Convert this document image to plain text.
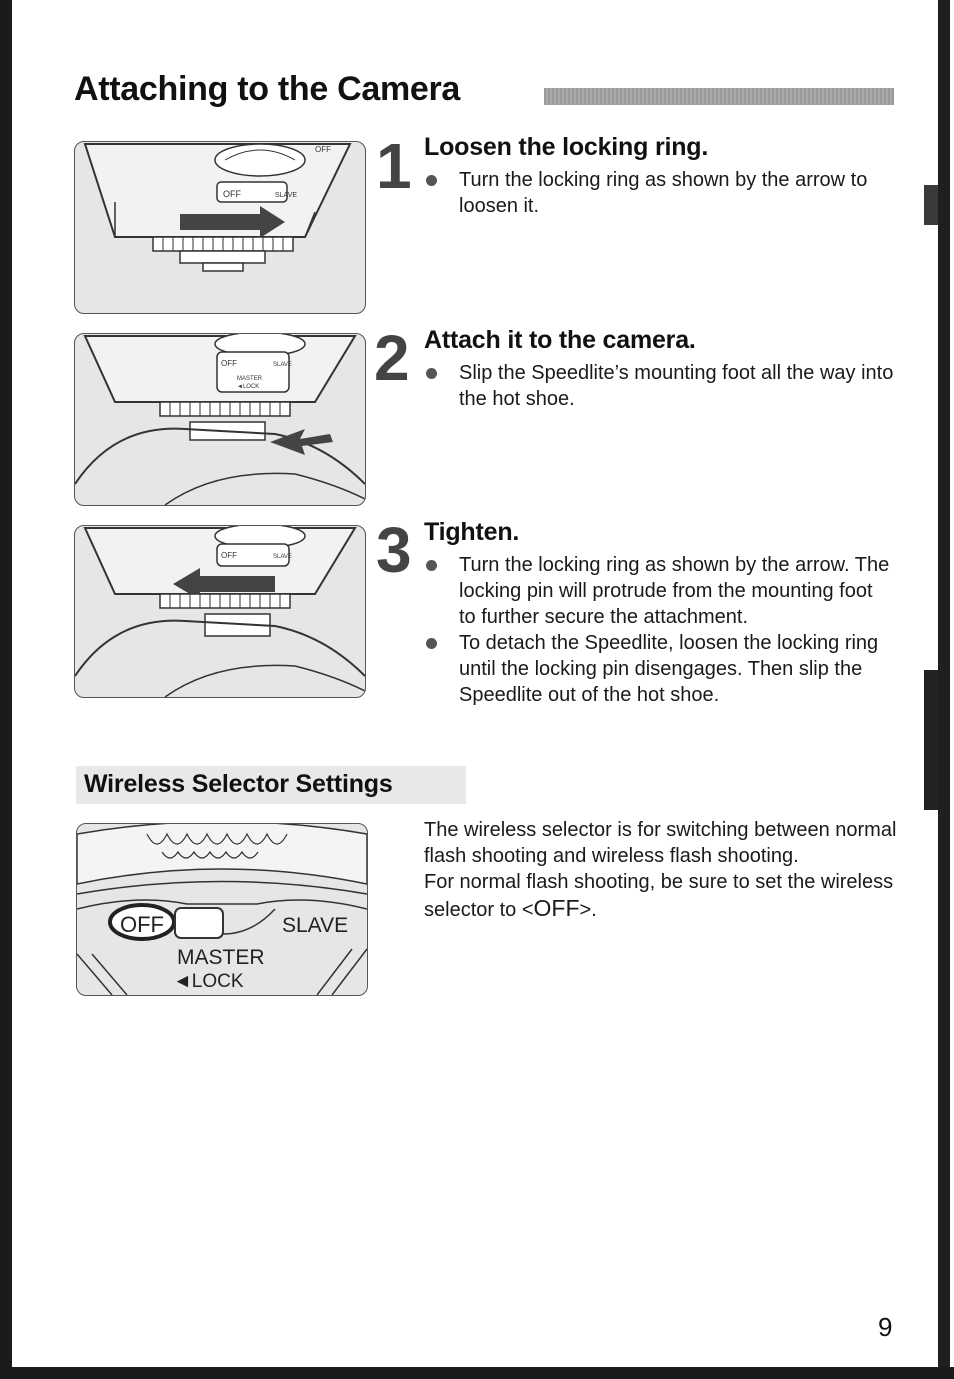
Attaching to the Camera
OFF	SLAVE
OFF 1 Loosen the locking ring.
Turn the locking ring as shown by the arrow to loosen it.
OFF	SLAVE
MASTER
◄LOCK 2 Attach it to the camera.
Slip the Speedlite’s mounting foot all the way into the hot shoe.
OFF	SLAVE 3 Tighten.
Turn the locking ring as shown by the arrow. The locking pin will protrude from the mounting foot to further secure the attachment.
To detach the Speedlite, loosen the locking ring until the locking pin disengages. Then slip the Speedlite out of the hot shoe.
Wireless Selector Settings
OFF	SLAVE
MASTER
◄LOCK
The wireless selector is for switching between normal flash shooting and wireless flash shooting.
For normal flash shooting, be sure to set the wireless selector to <OFF>.
9
